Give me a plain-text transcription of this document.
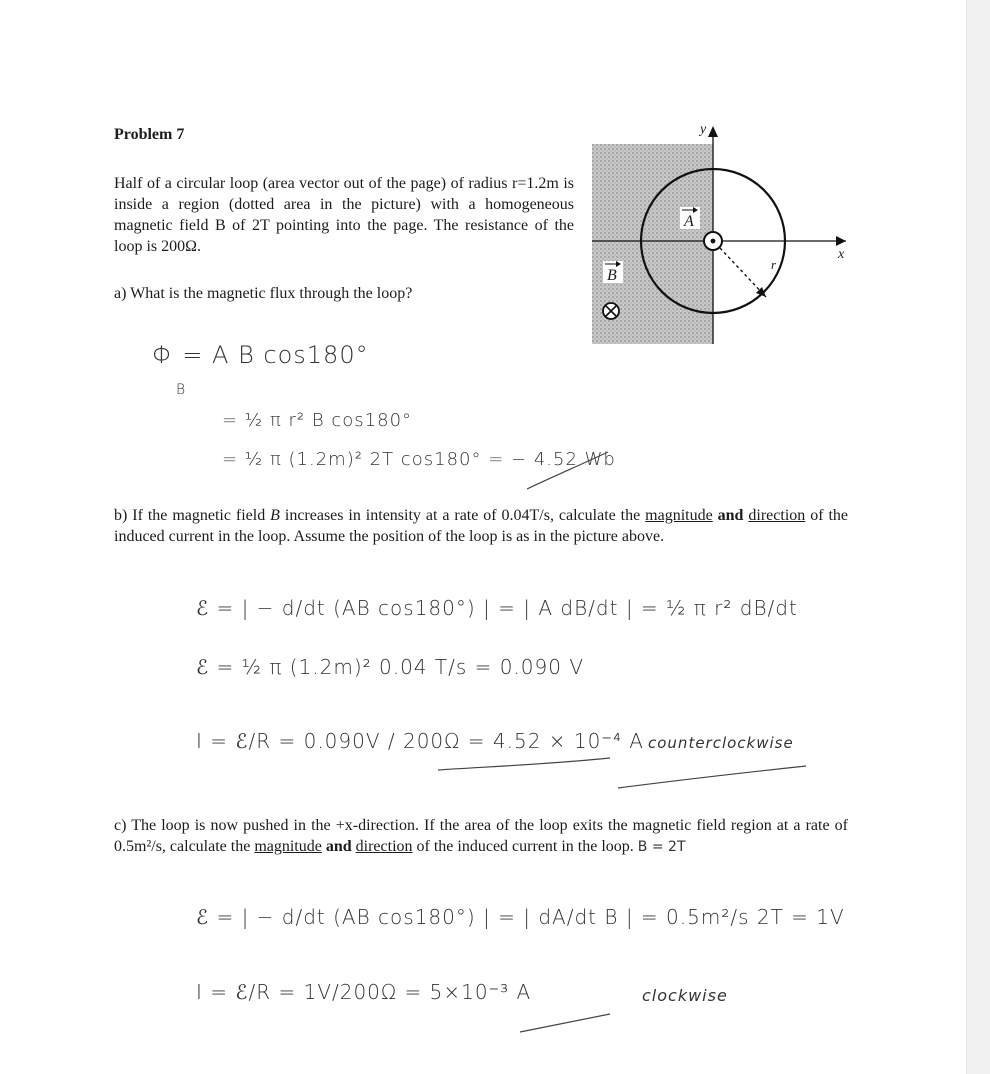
Problem 7
Half of a circular loop (area vector out of the page) of radius r=1.2m is inside a region (dotted area in the picture) with a homogeneous magnetic field B of 2T pointing into the page. The resistance of the loop is 200Ω.
a) What is the magnetic flux through the loop?
y
x
A
B
r
Φ = A B cos180°
B
= ½ π r² B cos180°
= ½ π (1.2m)² 2T cos180° = − 4.52 Wb
b) If the magnetic field B increases in intensity at a rate of 0.04T/s, calculate the magnitude and direction of the induced current in the loop. Assume the position of the loop is as in the picture above.
ℰ = | − d/dt (AB cos180°) | = | A dB/dt | = ½ π r² dB/dt
ℰ = ½ π (1.2m)² 0.04 T/s = 0.090 V
I = ℰ/R = 0.090V / 200Ω = 4.52 × 10⁻⁴ A counterclockwise
c) The loop is now pushed in the +x-direction. If the area of the loop exits the magnetic field region at a rate of 0.5m²/s, calculate the magnitude and direction of the induced current in the loop. B = 2T
ℰ = | − d/dt (AB cos180°) | = | dA/dt B | = 0.5m²/s 2T = 1V
I = ℰ/R = 1V/200Ω = 5×10⁻³ A	clockwise
